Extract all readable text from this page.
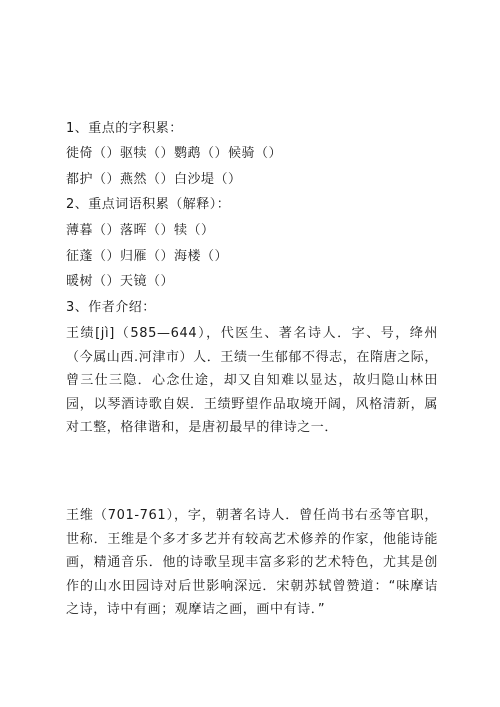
1、重点的字积累：
徙倚（）驱犊（）鹦鹉（）候骑（）
都护（）燕然（）白沙堤（）
2、重点词语积累（解释）：
薄暮（）落晖（）犊（）
征蓬（）归雁（）海楼（）
暖树（）天镜（）
3、作者介绍：
王绩[jì]（585—644），代医生、著名诗人．字、号，绛州（今属山西.河津市）人．王绩一生郁郁不得志，在隋唐之际，曾三仕三隐．心念仕途，却又自知难以显达，故归隐山林田园，以琴酒诗歌自娱．王绩野望作品取境开阔，风格清新，属对工整，格律谐和，是唐初最早的律诗之一．
王维（701-761），字，朝著名诗人．曾任尚书右丞等官职，世称．王维是个多才多艺并有较高艺术修养的作家，他能诗能画，精通音乐．他的诗歌呈现丰富多彩的艺术特色，尤其是创作的山水田园诗对后世影响深远．宋朝苏轼曾赞道：“味摩诘之诗，诗中有画；观摩诘之画，画中有诗．”
